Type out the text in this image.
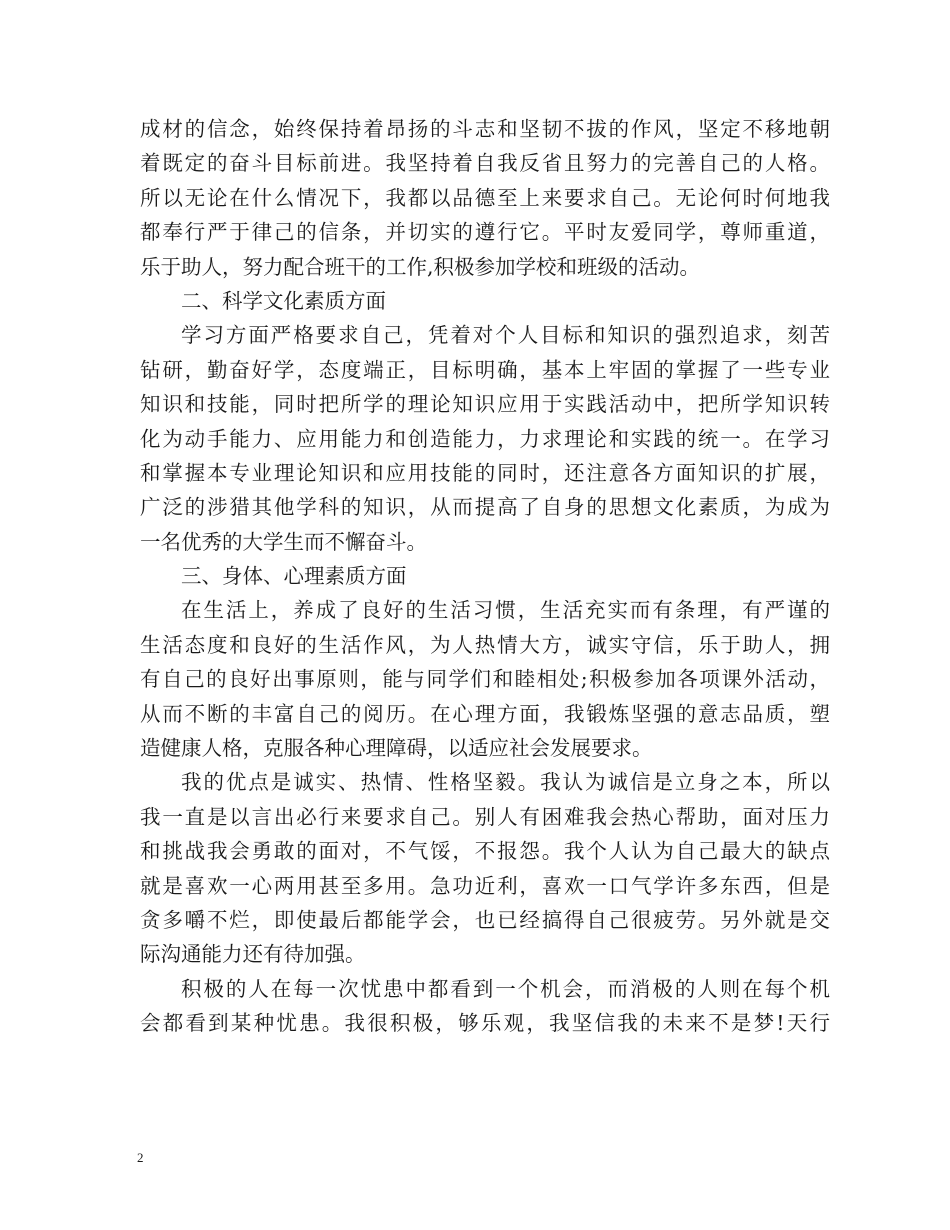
成材的信念，始终保持着昂扬的斗志和坚韧不拔的作风，坚定不移地朝
着既定的奋斗目标前进。我坚持着自我反省且努力的完善自己的人格。
所以无论在什么情况下，我都以品德至上来要求自己。无论何时何地我
都奉行严于律己的信条，并切实的遵行它。平时友爱同学，尊师重道，
乐于助人，努力配合班干的工作,积极参加学校和班级的活动。
二、科学文化素质方面
学习方面严格要求自己，凭着对个人目标和知识的强烈追求，刻苦
钻研，勤奋好学，态度端正，目标明确，基本上牢固的掌握了一些专业
知识和技能，同时把所学的理论知识应用于实践活动中，把所学知识转
化为动手能力、应用能力和创造能力，力求理论和实践的统一。在学习
和掌握本专业理论知识和应用技能的同时，还注意各方面知识的扩展，
广泛的涉猎其他学科的知识，从而提高了自身的思想文化素质，为成为
一名优秀的大学生而不懈奋斗。
三、身体、心理素质方面
在生活上，养成了良好的生活习惯，生活充实而有条理，有严谨的
生活态度和良好的生活作风，为人热情大方，诚实守信，乐于助人，拥
有自己的良好出事原则，能与同学们和睦相处;积极参加各项课外活动，
从而不断的丰富自己的阅历。在心理方面，我锻炼坚强的意志品质，塑
造健康人格，克服各种心理障碍，以适应社会发展要求。
我的优点是诚实、热情、性格坚毅。我认为诚信是立身之本，所以
我一直是以言出必行来要求自己。别人有困难我会热心帮助，面对压力
和挑战我会勇敢的面对，不气馁，不报怨。我个人认为自己最大的缺点
就是喜欢一心两用甚至多用。急功近利，喜欢一口气学许多东西，但是
贪多嚼不烂，即使最后都能学会，也已经搞得自己很疲劳。另外就是交
际沟通能力还有待加强。
积极的人在每一次忧患中都看到一个机会，而消极的人则在每个机
会都看到某种忧患。我很积极，够乐观，我坚信我的未来不是梦!天行
2
